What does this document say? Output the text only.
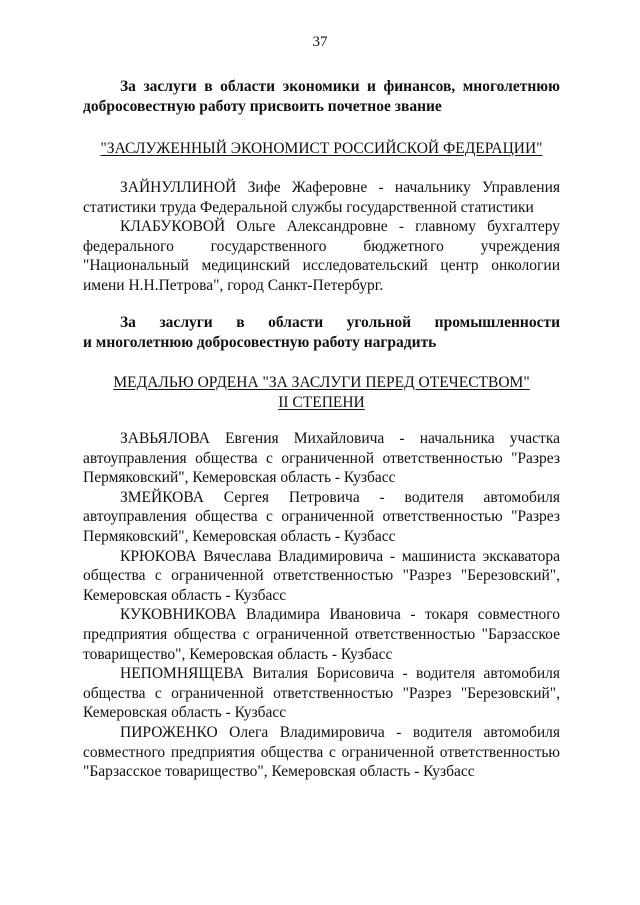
37
За заслуги в области экономики и финансов, многолетнюю
добросовестную работу присвоить почетное звание
"ЗАСЛУЖЕННЫЙ ЭКОНОМИСТ РОССИЙСКОЙ ФЕДЕРАЦИИ"
ЗАЙНУЛЛИНОЙ Зифе Жаферовне - начальнику Управления
статистики труда Федеральной службы государственной статистики
КЛАБУКОВОЙ Ольге Александровне - главному бухгалтеру
федерального государственного бюджетного учреждения
"Национальный медицинский исследовательский центр онкологии
имени Н.Н.Петрова", город Санкт-Петербург.
За заслуги в области угольной промышленности
и многолетнюю добросовестную работу наградить
МЕДАЛЬЮ ОРДЕНА "ЗА ЗАСЛУГИ ПЕРЕД ОТЕЧЕСТВОМ"
II СТЕПЕНИ
ЗАВЬЯЛОВА Евгения Михайловича - начальника участка
автоуправления общества с ограниченной ответственностью "Разрез
Пермяковский", Кемеровская область - Кузбасс
ЗМЕЙКОВА Сергея Петровича - водителя автомобиля
автоуправления общества с ограниченной ответственностью "Разрез
Пермяковский", Кемеровская область - Кузбасс
КРЮКОВА Вячеслава Владимировича - машиниста экскаватора
общества с ограниченной ответственностью "Разрез "Березовский",
Кемеровская область - Кузбасс
КУКОВНИКОВА Владимира Ивановича - токаря совместного
предприятия общества с ограниченной ответственностью "Барзасское
товарищество", Кемеровская область - Кузбасс
НЕПОМНЯЩЕВА Виталия Борисовича - водителя автомобиля
общества с ограниченной ответственностью "Разрез "Березовский",
Кемеровская область - Кузбасс
ПИРОЖЕНКО Олега Владимировича - водителя автомобиля
совместного предприятия общества с ограниченной ответственностью
"Барзасское товарищество", Кемеровская область - Кузбасс
